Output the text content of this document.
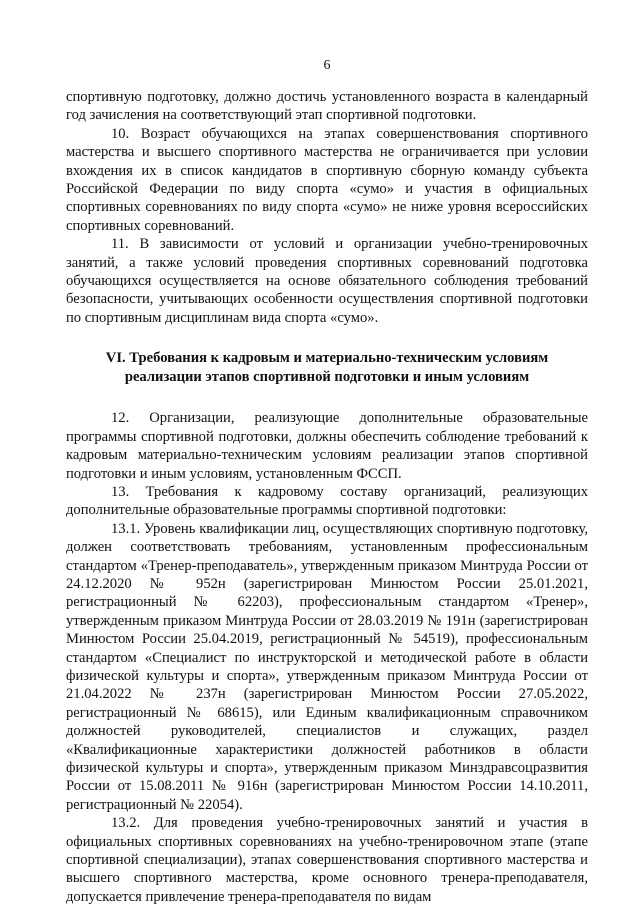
6

спортивную подготовку, должно достичь установленного возраста в календарный год зачисления на соответствующий этап спортивной подготовки.

10. Возраст обучающихся на этапах совершенствования спортивного мастерства и высшего спортивного мастерства не ограничивается при условии вхождения их в список кандидатов в спортивную сборную команду субъекта Российской Федерации по виду спорта «сумо» и участия в официальных спортивных соревнованиях по виду спорта «сумо» не ниже уровня всероссийских спортивных соревнований.

11. В зависимости от условий и организации учебно-тренировочных занятий, а также условий проведения спортивных соревнований подготовка обучающихся осуществляется на основе обязательного соблюдения требований безопасности, учитывающих особенности осуществления спортивной подготовки по спортивным дисциплинам вида спорта «сумо».

VI. Требования к кадровым и материально-техническим условиям
реализации этапов спортивной подготовки и иным условиям

12. Организации, реализующие дополнительные образовательные программы спортивной подготовки, должны обеспечить соблюдение требований к кадровым материально-техническим условиям реализации этапов спортивной подготовки и иным условиям, установленным ФССП.

13. Требования к кадровому составу организаций, реализующих дополнительные образовательные программы спортивной подготовки:

13.1. Уровень квалификации лиц, осуществляющих спортивную подготовку, должен соответствовать требованиям, установленным профессиональным стандартом «Тренер-преподаватель», утвержденным приказом Минтруда России от 24.12.2020 № 952н (зарегистрирован Минюстом России 25.01.2021, регистрационный № 62203), профессиональным стандартом «Тренер», утвержденным приказом Минтруда России от 28.03.2019 № 191н (зарегистрирован Минюстом России 25.04.2019, регистрационный № 54519), профессиональным стандартом «Специалист по инструкторской и методической работе в области физической культуры и спорта», утвержденным приказом Минтруда России от 21.04.2022 № 237н (зарегистрирован Минюстом России 27.05.2022, регистрационный № 68615), или Единым квалификационным справочником должностей руководителей, специалистов и служащих, раздел «Квалификационные характеристики должностей работников в области физической культуры и спорта», утвержденным приказом Минздравсоцразвития России от 15.08.2011 № 916н (зарегистрирован Минюстом России 14.10.2011, регистрационный № 22054).

13.2. Для проведения учебно-тренировочных занятий и участия в официальных спортивных соревнованиях на учебно-тренировочном этапе (этапе спортивной специализации), этапах совершенствования спортивного мастерства и высшего спортивного мастерства, кроме основного тренера-преподавателя, допускается привлечение тренера-преподавателя по видам
